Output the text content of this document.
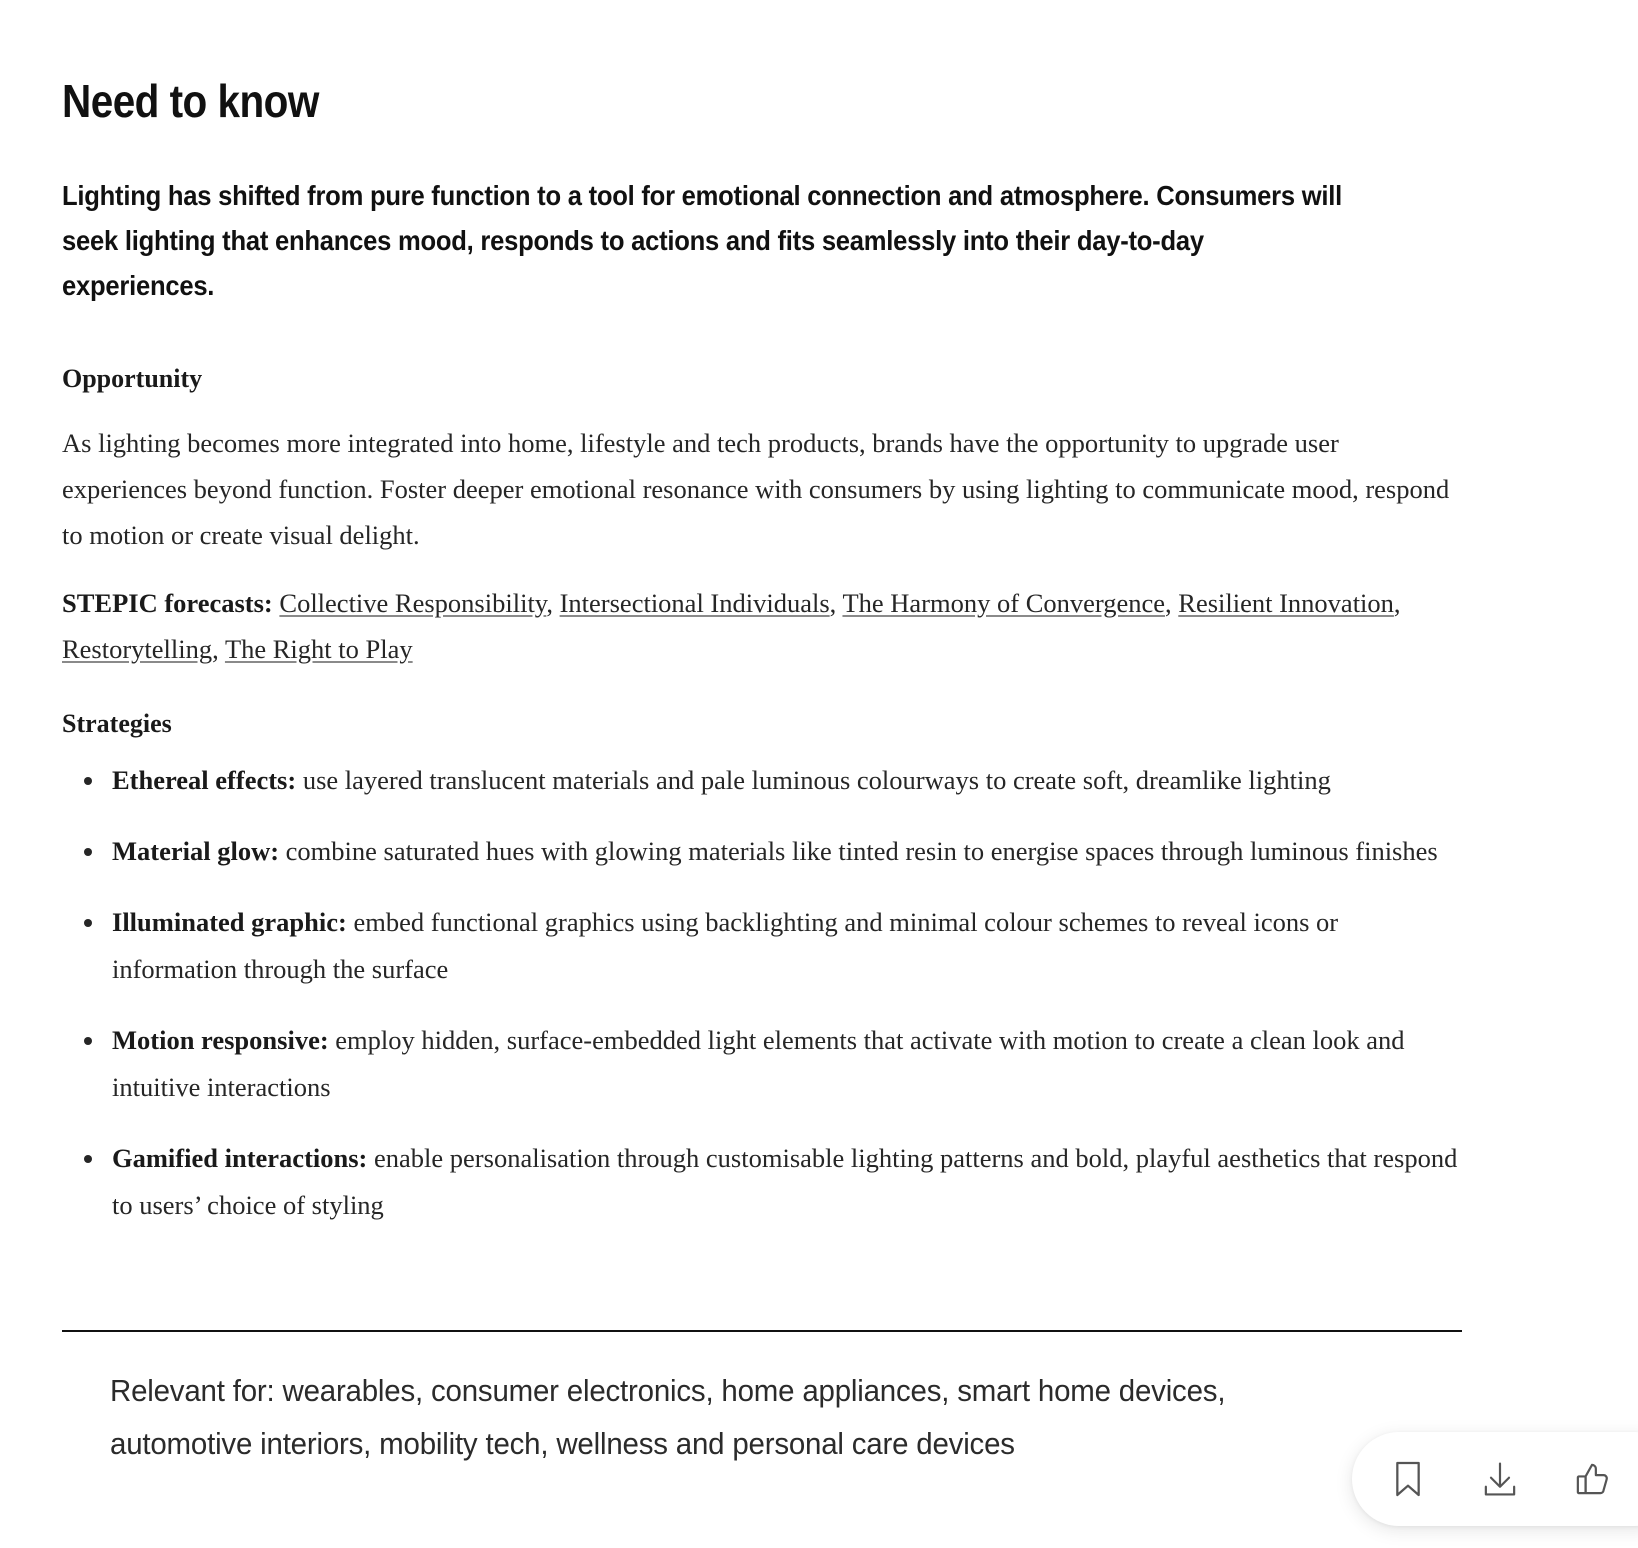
Need to know

Lighting has shifted from pure function to a tool for emotional connection and atmosphere. Consumers will seek lighting that enhances mood, responds to actions and fits seamlessly into their day-to-day experiences.

Opportunity

As lighting becomes more integrated into home, lifestyle and tech products, brands have the opportunity to upgrade user experiences beyond function. Foster deeper emotional resonance with consumers by using lighting to communicate mood, respond to motion or create visual delight.

STEPIC forecasts: Collective Responsibility, Intersectional Individuals, The Harmony of Convergence, Resilient Innovation, Restorytelling, The Right to Play

Strategies
Ethereal effects: use layered translucent materials and pale luminous colourways to create soft, dreamlike lighting
Material glow: combine saturated hues with glowing materials like tinted resin to energise spaces through luminous finishes
Illuminated graphic: embed functional graphics using backlighting and minimal colour schemes to reveal icons or information through the surface
Motion responsive: employ hidden, surface-embedded light elements that activate with motion to create a clean look and intuitive interactions
Gamified interactions: enable personalisation through customisable lighting patterns and bold, playful aesthetics that respond to users’ choice of styling
Relevant for: wearables, consumer electronics, home appliances, smart home devices, automotive interiors, mobility tech, wellness and personal care devices
